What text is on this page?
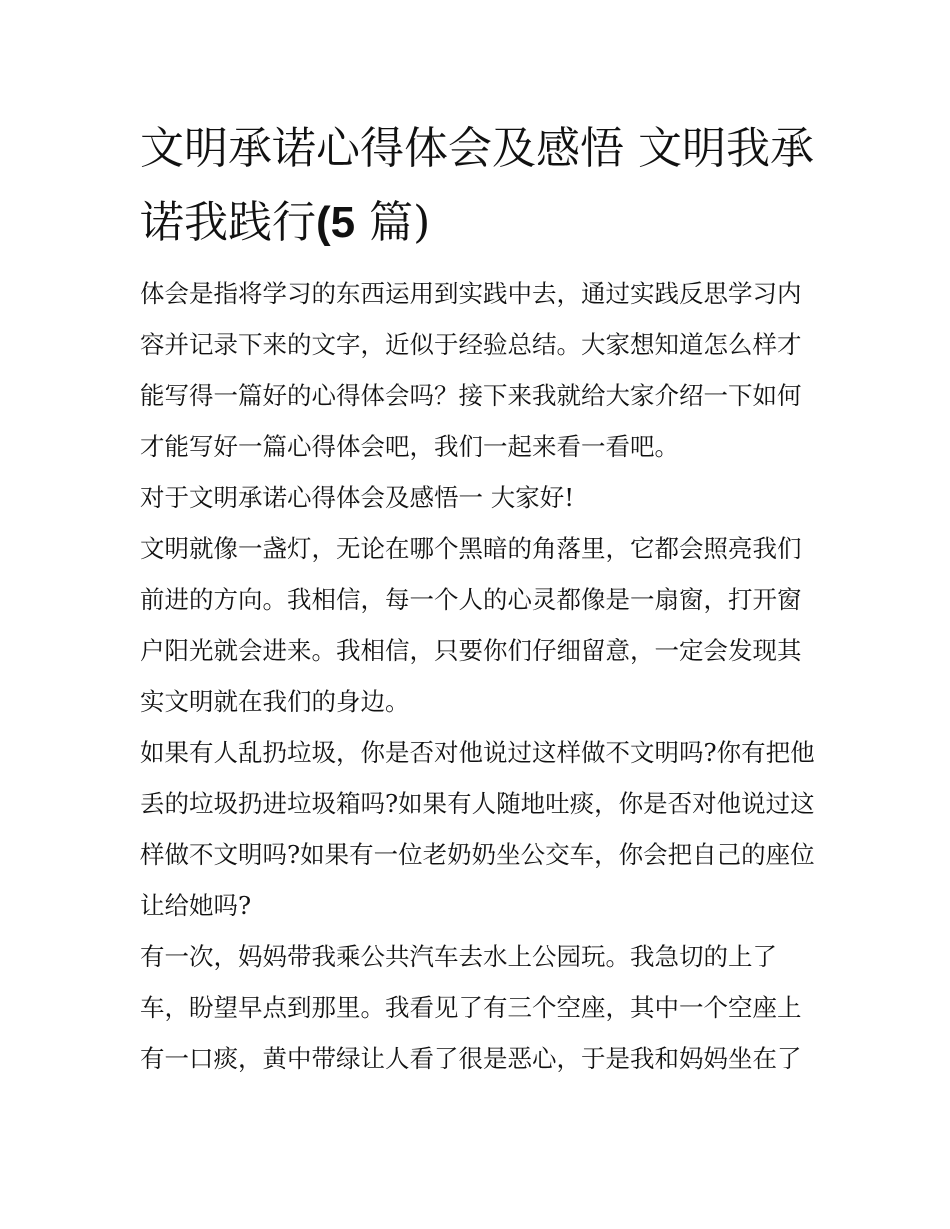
文明承诺心得体会及感悟 文明我承诺我践行(5 篇)

体会是指将学习的东西运用到实践中去，通过实践反思学习内容并记录下来的文字，近似于经验总结。大家想知道怎么样才能写得一篇好的心得体会吗？接下来我就给大家介绍一下如何才能写好一篇心得体会吧，我们一起来看一看吧。

对于文明承诺心得体会及感悟一 大家好!

文明就像一盏灯，无论在哪个黑暗的角落里，它都会照亮我们前进的方向。我相信，每一个人的心灵都像是一扇窗，打开窗户阳光就会进来。我相信，只要你们仔细留意，一定会发现其实文明就在我们的身边。

如果有人乱扔垃圾，你是否对他说过这样做不文明吗?你有把他丢的垃圾扔进垃圾箱吗?如果有人随地吐痰，你是否对他说过这样做不文明吗?如果有一位老奶奶坐公交车，你会把自己的座位让给她吗?

有一次，妈妈带我乘公共汽车去水上公园玩。我急切的上了车，盼望早点到那里。我看见了有三个空座，其中一个空座上有一口痰，黄中带绿让人看了很是恶心，于是我和妈妈坐在了
